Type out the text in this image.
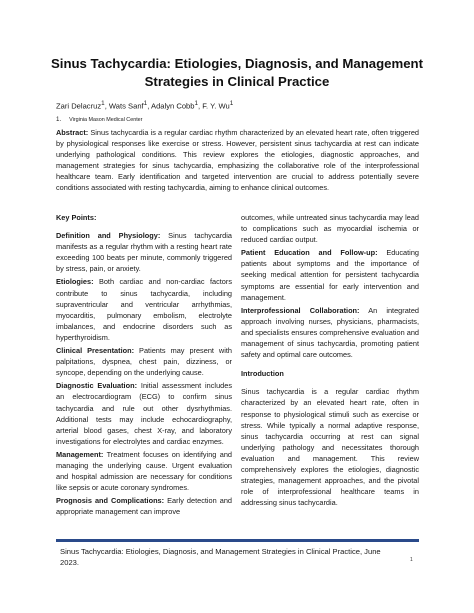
Sinus Tachycardia: Etiologies, Diagnosis, and Management Strategies in Clinical Practice
Zari Delacruz$^1$, Wats Sanf$^1$, Adalyn Cobb$^1$, F. Y. Wu$^1$
1. Virginia Mason Medical Center
Abstract: Sinus tachycardia is a regular cardiac rhythm characterized by an elevated heart rate, often triggered by physiological responses like exercise or stress. However, persistent sinus tachycardia at rest can indicate underlying pathological conditions. This review explores the etiologies, diagnostic approaches, and management strategies for sinus tachycardia, emphasizing the collaborative role of the interprofessional healthcare team. Early identification and targeted intervention are crucial to address potentially severe conditions associated with resting tachycardia, aiming to enhance clinical outcomes.

Key Points:

Definition and Physiology: Sinus tachycardia manifests as a regular rhythm with a resting heart rate exceeding 100 beats per minute, commonly triggered by stress, pain, or anxiety.

Etiologies: Both cardiac and non-cardiac factors contribute to sinus tachycardia, including supraventricular and ventricular arrhythmias, myocarditis, pulmonary embolism, electrolyte imbalances, and endocrine disorders such as hyperthyroidism.

Clinical Presentation: Patients may present with palpitations, dyspnea, chest pain, dizziness, or syncope, depending on the underlying cause.

Diagnostic Evaluation: Initial assessment includes an electrocardiogram (ECG) to confirm sinus tachycardia and rule out other dysrhythmias. Additional tests may include echocardiography, arterial blood gases, chest X-ray, and laboratory investigations for electrolytes and cardiac enzymes.

Management: Treatment focuses on identifying and managing the underlying cause. Urgent evaluation and hospital admission are necessary for conditions like sepsis or acute coronary syndromes.

Prognosis and Complications: Early detection and appropriate management can improve

outcomes, while untreated sinus tachycardia may lead to complications such as myocardial ischemia or reduced cardiac output.

Patient Education and Follow-up: Educating patients about symptoms and the importance of seeking medical attention for persistent tachycardia symptoms are essential for early intervention and management.

Interprofessional Collaboration: An integrated approach involving nurses, physicians, pharmacists, and specialists ensures comprehensive evaluation and management of sinus tachycardia, promoting patient safety and optimal care outcomes.

Introduction

Sinus tachycardia is a regular cardiac rhythm characterized by an elevated heart rate, often in response to physiological stimuli such as exercise or stress. While typically a normal adaptive response, sinus tachycardia occurring at rest can signal underlying pathology and necessitates thorough evaluation and management. This review comprehensively explores the etiologies, diagnostic strategies, management approaches, and the pivotal role of interprofessional healthcare teams in addressing sinus tachycardia.

Sinus Tachycardia: Etiologies, Diagnosis, and Management Strategies in Clinical Practice, June 2023.	1
